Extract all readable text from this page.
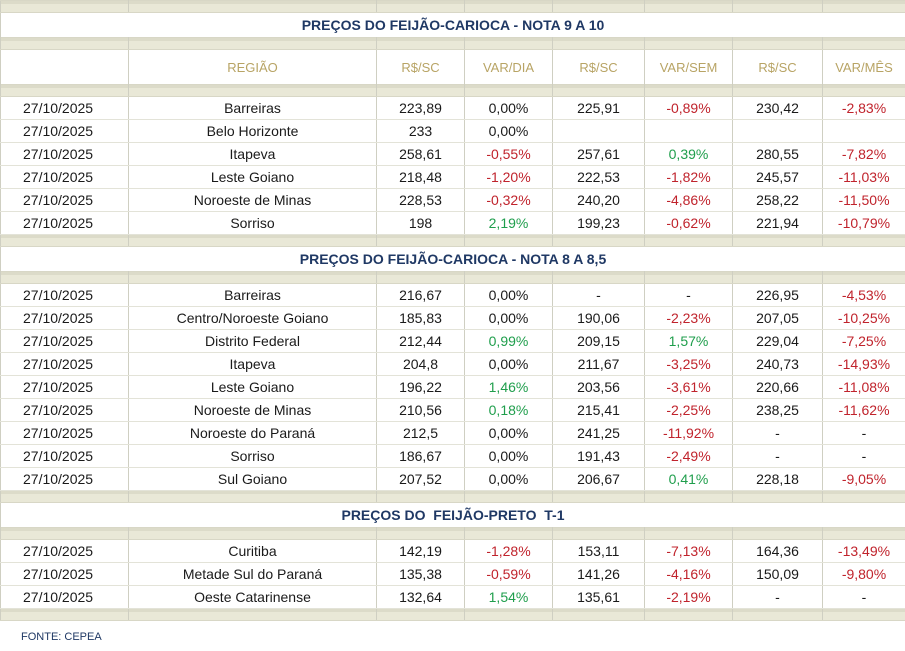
PREÇOS DO FEIJÃO-CARIOCA - NOTA 9 A 10							

	REGIÃO	R$/SC	VAR/DIA	R$/SC	VAR/SEM	R$/SC	VAR/MÊS

27/10/2025	Barreiras	223,89	0,00%	225,91	-0,89%	230,42	-2,83%
27/10/2025	Belo Horizonte	233	0,00%				
27/10/2025	Itapeva	258,61	-0,55%	257,61	0,39%	280,55	-7,82%
27/10/2025	Leste Goiano	218,48	-1,20%	222,53	-1,82%	245,57	-11,03%
27/10/2025	Noroeste de Minas	228,53	-0,32%	240,20	-4,86%	258,22	-11,50%
27/10/2025	Sorriso	198	2,19%	199,23	-0,62%	221,94	-10,79%

PREÇOS DO FEIJÃO-CARIOCA - NOTA 8 A 8,5							

27/10/2025	Barreiras	216,67	0,00%	-	-	226,95	-4,53%
27/10/2025	Centro/Noroeste Goiano	185,83	0,00%	190,06	-2,23%	207,05	-10,25%
27/10/2025	Distrito Federal	212,44	0,99%	209,15	1,57%	229,04	-7,25%
27/10/2025	Itapeva	204,8	0,00%	211,67	-3,25%	240,73	-14,93%
27/10/2025	Leste Goiano	196,22	1,46%	203,56	-3,61%	220,66	-11,08%
27/10/2025	Noroeste de Minas	210,56	0,18%	215,41	-2,25%	238,25	-11,62%
27/10/2025	Noroeste do Paraná	212,5	0,00%	241,25	-11,92%	-	-
27/10/2025	Sorriso	186,67	0,00%	191,43	-2,49%	-	-
27/10/2025	Sul Goiano	207,52	0,00%	206,67	0,41%	228,18	-9,05%

PREÇOS DO  FEIJÃO-PRETO  T-1							

27/10/2025	Curitiba	142,19	-1,28%	153,11	-7,13%	164,36	-13,49%
27/10/2025	Metade Sul do Paraná	135,38	-0,59%	141,26	-4,16%	150,09	-9,80%
27/10/2025	Oeste Catarinense	132,64	1,54%	135,61	-2,19%	-	-

FONTE: CEPEA
